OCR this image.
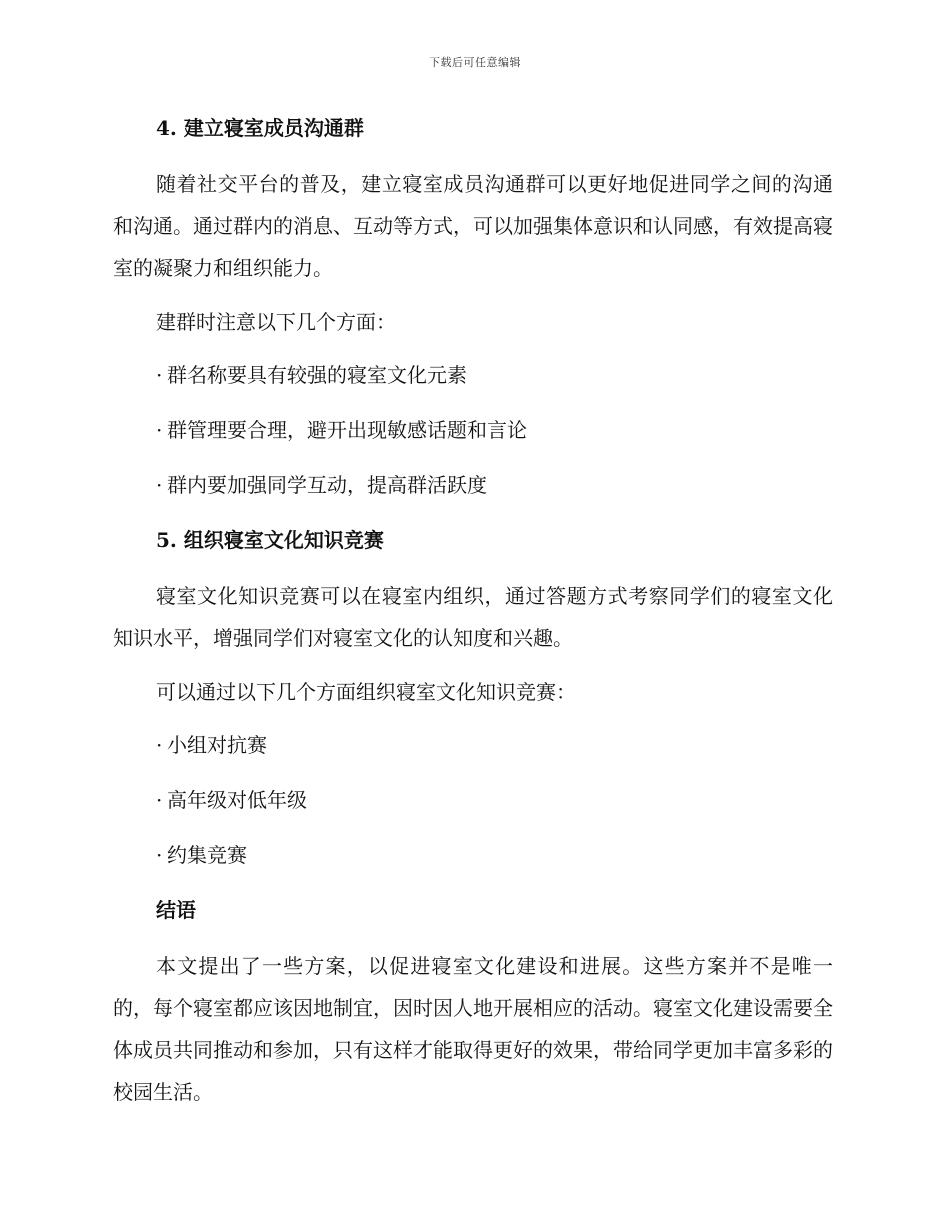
下载后可任意编辑
4. 建立寝室成员沟通群

随着社交平台的普及，建立寝室成员沟通群可以更好地促进同学之间的沟通和沟通。通过群内的消息、互动等方式，可以加强集体意识和认同感，有效提高寝室的凝聚力和组织能力。

建群时注意以下几个方面：

· 群名称要具有较强的寝室文化元素
· 群管理要合理，避开出现敏感话题和言论
· 群内要加强同学互动，提高群活跃度
5. 组织寝室文化知识竞赛

寝室文化知识竞赛可以在寝室内组织，通过答题方式考察同学们的寝室文化知识水平，增强同学们对寝室文化的认知度和兴趣。

可以通过以下几个方面组织寝室文化知识竞赛：

· 小组对抗赛
· 高年级对低年级
· 约集竞赛
结语

本文提出了一些方案，以促进寝室文化建设和进展。这些方案并不是唯一的，每个寝室都应该因地制宜，因时因人地开展相应的活动。寝室文化建设需要全体成员共同推动和参加，只有这样才能取得更好的效果，带给同学更加丰富多彩的校园生活。
